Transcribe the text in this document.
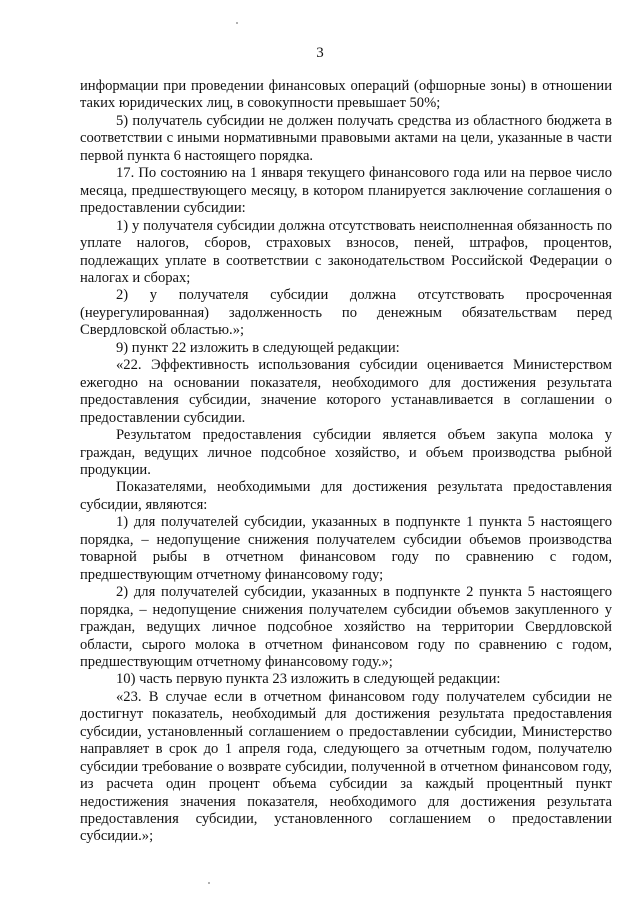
3

информации при проведении финансовых операций (офшорные зоны) в отношении таких юридических лиц, в совокупности превышает 50%;

5) получатель субсидии не должен получать средства из областного бюджета в соответствии с иными нормативными правовыми актами на цели, указанные в части первой пункта 6 настоящего порядка.

17. По состоянию на 1 января текущего финансового года или на первое число месяца, предшествующего месяцу, в котором планируется заключение соглашения о предоставлении субсидии:

1) у получателя субсидии должна отсутствовать неисполненная обязанность по уплате налогов, сборов, страховых взносов, пеней, штрафов, процентов, подлежащих уплате в соответствии с законодательством Российской Федерации о налогах и сборах;

2) у получателя субсидии должна отсутствовать просроченная (неурегулированная) задолженность по денежным обязательствам перед Свердловской областью.»;

9) пункт 22 изложить в следующей редакции:

«22. Эффективность использования субсидии оценивается Министерством ежегодно на основании показателя, необходимого для достижения результата предоставления субсидии, значение которого устанавливается в соглашении о предоставлении субсидии.

Результатом предоставления субсидии является объем закупа молока у граждан, ведущих личное подсобное хозяйство, и объем производства рыбной продукции.

Показателями, необходимыми для достижения результата предоставления субсидии, являются:

1) для получателей субсидии, указанных в подпункте 1 пункта 5 настоящего порядка, – недопущение снижения получателем субсидии объемов производства товарной рыбы в отчетном финансовом году по сравнению с годом, предшествующим отчетному финансовому году;

2) для получателей субсидии, указанных в подпункте 2 пункта 5 настоящего порядка, – недопущение снижения получателем субсидии объемов закупленного у граждан, ведущих личное подсобное хозяйство на территории Свердловской области, сырого молока в отчетном финансовом году по сравнению с годом, предшествующим отчетному финансовому году.»;

10) часть первую пункта 23 изложить в следующей редакции:

«23. В случае если в отчетном финансовом году получателем субсидии не достигнут показатель, необходимый для достижения результата предоставления субсидии, установленный соглашением о предоставлении субсидии, Министерство направляет в срок до 1 апреля года, следующего за отчетным годом, получателю субсидии требование о возврате субсидии, полученной в отчетном финансовом году, из расчета один процент объема субсидии за каждый процентный пункт недостижения значения показателя, необходимого для достижения результата предоставления субсидии, установленного соглашением о предоставлении субсидии.»;
